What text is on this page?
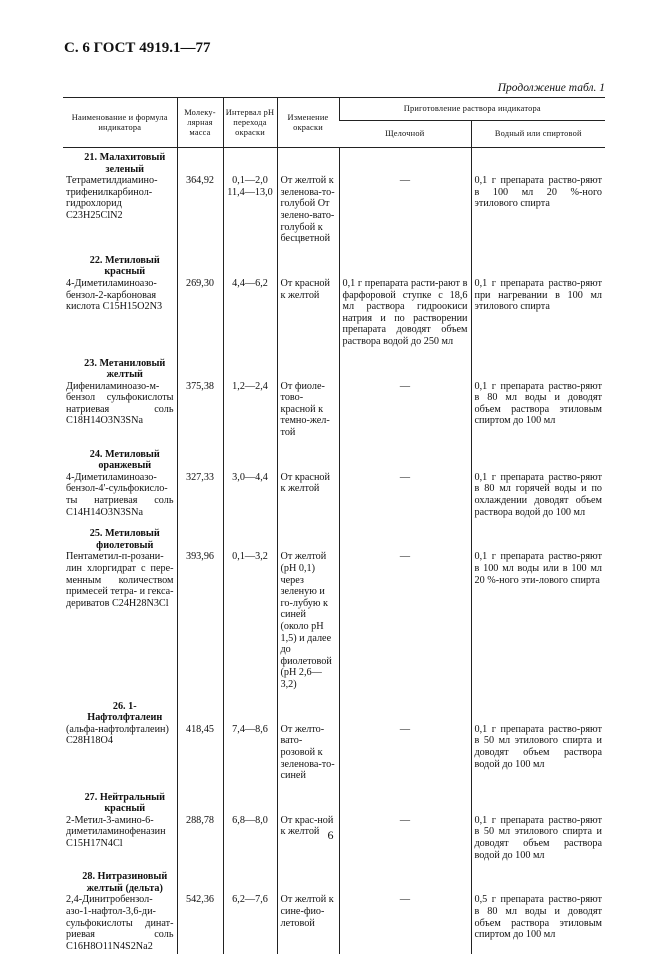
С. 6 ГОСТ 4919.1—77
Продолжение табл. 1
Наименование и формула индикатора	Молеку-лярная масса	Интервал pH перехода окраски	Изменение окраски	Приготовление раствора индикатора	
				Щелочной	Водный или спиртовой

21. Малахитовый зеленый					

Тетраметилдиамино-трифенилкарбинол-гидрохлорид C23H25ClN2	364,92	0,1—2,0 11,4—13,0	От желтой к зеленова-то-голубой От зелено-вато-голубой к бесцветной	—	0,1 г препарата раство-ряют в 100 мл 20 %-ного этилового спирта

22. Метиловый красный					

4-Диметиламиноазо-бензол-2-карбоновая кислота C15H15O2N3	269,30	4,4—6,2	От красной к желтой	0,1 г препарата расти-рают в фарфоровой ступке с 18,6 мл раствора гидроокиси натрия и по растворении препарата доводят объем раствора водой до 250 мл	0,1 г препарата раство-ряют при нагревании в 100 мл этилового спирта

23. Метаниловый желтый					

Дифениламиноазо-м-бензол сульфокислоты натриевая соль C18H14O3N3SNa	375,38	1,2—2,4	От фиоле-тово-красной к темно-жел-той	—	0,1 г препарата раство-ряют в 80 мл воды и доводят объем раствора этиловым спиртом до 100 мл

24. Метиловый оранжевый					

4-Диметиламиноазо-бензол-4'-сульфокисло-ты натриевая соль C14H14O3N3SNa	327,33	3,0—4,4	От красной к желтой	—	0,1 г препарата раство-ряют в 80 мл горячей воды и по охлаждении доводят объем раствора водой до 100 мл

25. Метиловый фиолетовый					

Пентаметил-п-розани-лин хлоргидрат с пере-менным количеством примесей тетра- и гекса-дериватов C24H28N3Cl	393,96	0,1—3,2	От желтой (pH 0,1) через зеленую и го-лубую к синей (около pH 1,5) и далее до фиолетовой (pH 2,6—3,2)	—	0,1 г препарата раство-ряют в 100 мл воды или в 100 мл 20 %-ного эти-лового спирта

26. 1-Нафтолфталеин					

(альфа-нафтолфталеин) C28H18O4	418,45	7,4—8,6	От желто-вато-розовой к зеленова-то-синей	—	0,1 г препарата раство-ряют в 50 мл этилового спирта и доводят объем раствора водой до 100 мл

27. Нейтральный красный					

2-Метил-3-амино-6-диметиламинофеназин C15H17N4Cl	288,78	6,8—8,0	От крас-ной к желтой	—	0,1 г препарата раство-ряют в 50 мл этилового спирта и доводят объем раствора водой до 100 мл

28. Нитразиновый желтый (дельта)					

2,4-Динитробензол-азо-1-нафтол-3,6-ди-сульфокислоты динат-риевая соль C16H8O11N4S2Na2	542,36	6,2—7,6	От желтой к сине-фио-летовой	—	0,5 г препарата раство-ряют в 80 мл воды и доводят объем раствора этиловым спиртом до 100 мл
6
